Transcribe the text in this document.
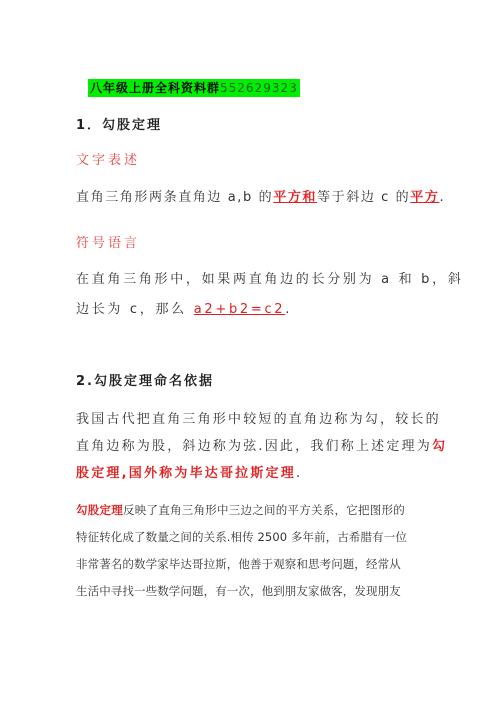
八年级上册全科资料群552629323
1．勾股定理
文字表述
直角三角形两条直角边 a,b 的平方和等于斜边 c 的平方.
符号语言
在直角三角形中，如果两直角边的长分别为 a 和 b，斜
边长为 c，那么 a2+b2=c2.
2.勾股定理命名依据
我国古代把直角三角形中较短的直角边称为勾，较长的
直角边称为股，斜边称为弦.因此，我们称上述定理为勾
股定理,国外称为毕达哥拉斯定理.
勾股定理反映了直角三角形中三边之间的平方关系，它把图形的
特征转化成了数量之间的关系.相传 2500 多年前，古希腊有一位
非常著名的数学家毕达哥拉斯，他善于观察和思考问题，经常从
生活中寻找一些数学问题，有一次，他到朋友家做客，发现朋友
